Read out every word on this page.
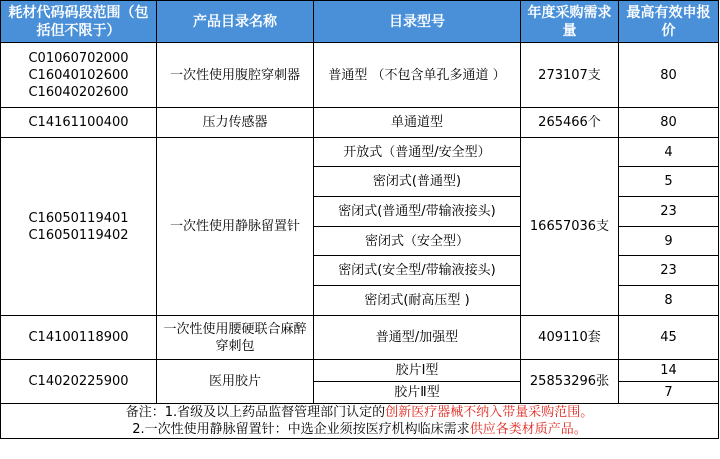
耗材代码码段范围（包括但不限于）	产品目录名称	目录型号	年度采购需求量	最高有效申报价

C01060702000
C16040102600
C16040202600	一次性使用腹腔穿刺器	普通型 （不包含单孔多通道 ）	273107支	80

C14161100400	压力传感器	单通道型	265466个	80

C16050119401
C16050119402	一次性使用静脉留置针	开放式（普通型/安全型）	16657036支	4
		密闭式(普通型)		5
		密闭式(普通型/带输液接头)		23
		密闭式（安全型）		9
		密闭式(安全型/带输液接头)		23
		密闭式(耐高压型 )		8

C14100118900	一次性使用腰硬联合麻醉穿刺包	普通型/加强型	409110套	45

C14020225900	医用胶片	胶片Ⅰ型	25853296张	14
		胶片Ⅱ型		7

备注：1.省级及以上药品监督管理部门认定的创新医疗器械不纳入带量采购范围。
2.一次性使用静脉留置针：中选企业须按医疗机构临床需求供应各类材质产品。				
